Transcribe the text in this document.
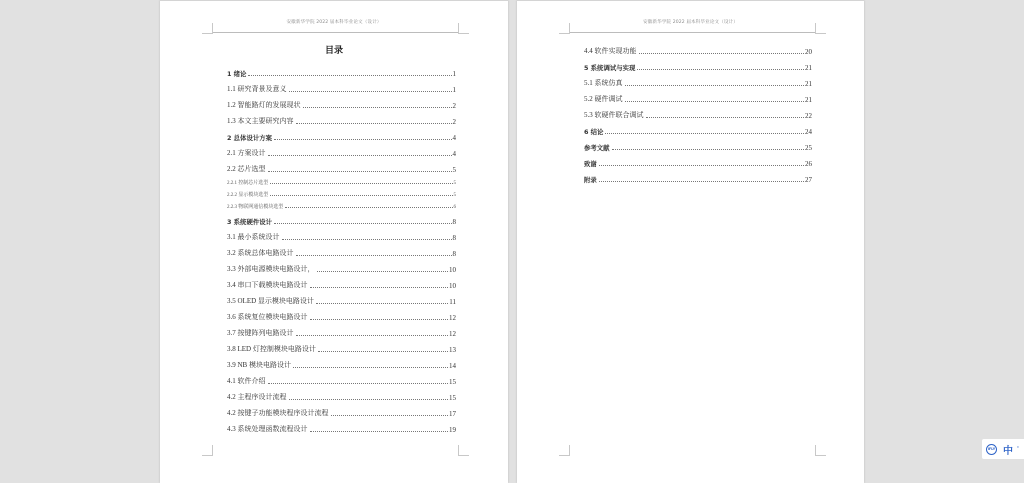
安徽新华学院 2022 届本科毕业论文（设计）
目录
1 绪论	1
1.1 研究背景及意义	1
1.2 智能路灯的发展现状	2
1.3 本文主要研究内容	2
2 总体设计方案	4
2.1 方案设计	4
2.2 芯片选型	5
2.2.1 控制芯片选型	5
2.2.2 显示模块选型	5
2.2.3 物联网通信模块选型	6
3 系统硬件设计	8
3.1 最小系统设计	8
3.2 系统总体电路设计	8
3.3 外部电源模块电路设计，	10
3.4 串口下载模块电路设计	10
3.5 OLED 显示模块电路设计	11
3.6 系统复位模块电路设计	12
3.7 按键阵列电路设计	12
3.8 LED 灯控制模块电路设计	13
3.9 NB 模块电路设计	14
4.1 软件介绍	15
4.2 主程序设计流程	15
4.2 按键子功能模块程序设计流程	17
4.3 系统处理函数流程设计	19
安徽新华学院 2022 届本科毕业论文（设计）
4.4 软件实现功能	20
5 系统调试与实现	21
5.1 系统仿真	21
5.2 硬件调试	21
5.3 软硬件联合调试	22
6 结论	24
参考文献	25
致谢	26
附录	27
iFLY 中 '
